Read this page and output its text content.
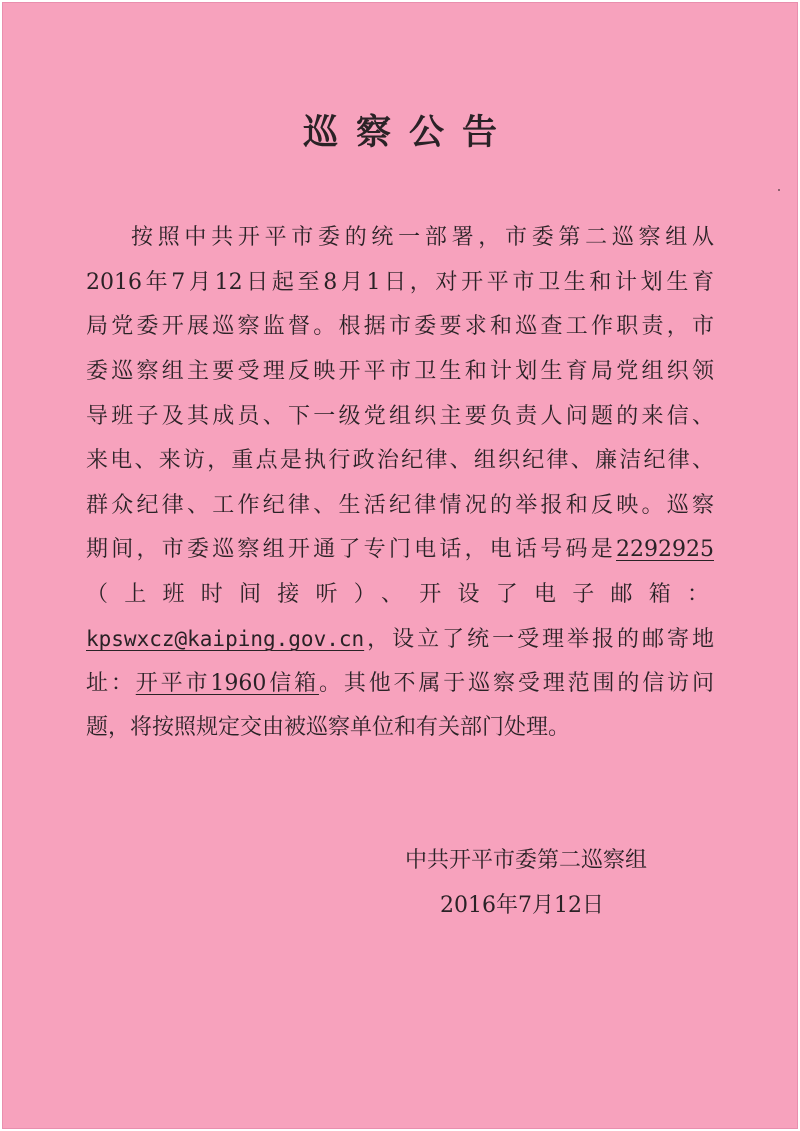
巡察公告
按照中共开平市委的统一部署，市委第二巡察组从
2016年7月12日起至8月1日，对开平市卫生和计划生育
局党委开展巡察监督。根据市委要求和巡查工作职责，市
委巡察组主要受理反映开平市卫生和计划生育局党组织领
导班子及其成员、下一级党组织主要负责人问题的来信、
来电、来访，重点是执行政治纪律、组织纪律、廉洁纪律、
群众纪律、工作纪律、生活纪律情况的举报和反映。巡察
期间，市委巡察组开通了专门电话，电话号码是2292925
（上班时间接听）、开设了电子邮箱：
kpswxcz@kaiping.gov.cn，设立了统一受理举报的邮寄地
址：开平市1960信箱。其他不属于巡察受理范围的信访问
题，将按照规定交由被巡察单位和有关部门处理。
中共开平市委第二巡察组
2016年7月12日
